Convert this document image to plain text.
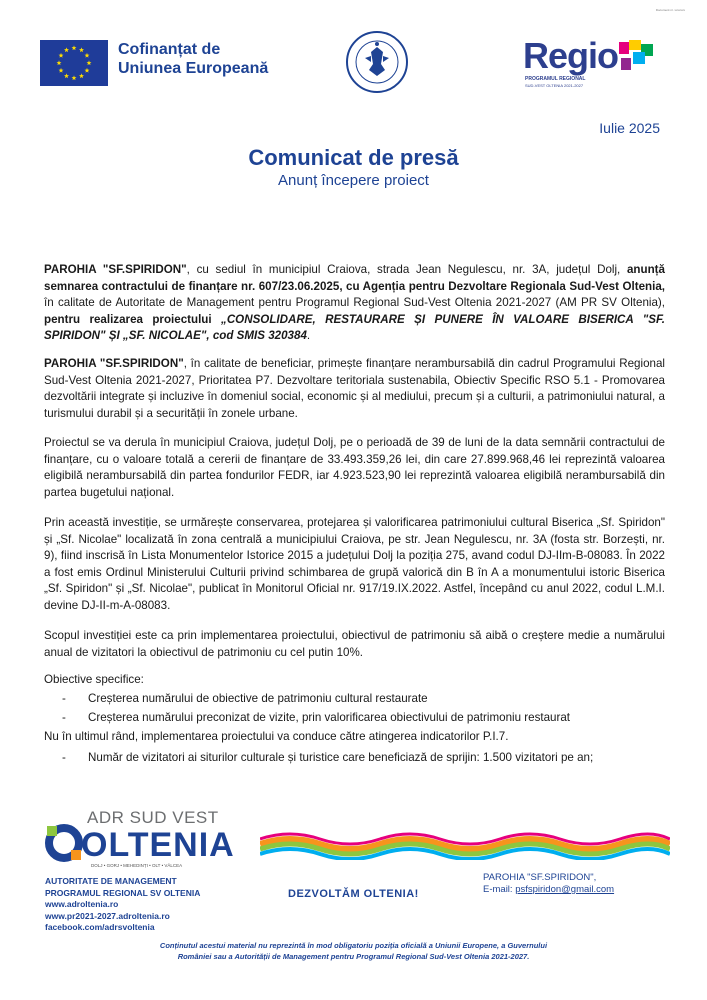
Document nr. xxxxxxx
Cofinanțat de
Uniunea Europeană	Regio
PROGRAMUL REGIONAL
SUD-VEST OLTENIA 2021-2027
Iulie 2025
Comunicat de presă
Anunț începere proiect

PAROHIA "SF.SPIRIDON", cu sediul în municipiul Craiova, strada Jean Negulescu, nr. 3A, județul Dolj, anunță semnarea contractului de finanțare nr. 607/23.06.2025, cu Agenția pentru Dezvoltare Regionala Sud-Vest Oltenia, în calitate de Autoritate de Management pentru Programul Regional Sud-Vest Oltenia 2021-2027 (AM PR SV Oltenia), pentru realizarea proiectului „CONSOLIDARE, RESTAURARE ȘI PUNERE ÎN VALOARE BISERICA "SF. SPIRIDON" ȘI „SF. NICOLAE", cod SMIS 320384.

PAROHIA "SF.SPIRIDON", în calitate de beneficiar, primește finanțare nerambursabilă din cadrul Programului Regional Sud-Vest Oltenia 2021-2027, Prioritatea P7. Dezvoltare teritoriala sustenabila, Obiectiv Specific RSO 5.1 - Promovarea dezvoltării integrate și incluzive în domeniul social, economic și al mediului, precum și a culturii, a patrimoniului natural, a turismului durabil și a securității în zonele urbane.

Proiectul se va derula în municipiul Craiova, județul Dolj, pe o perioadă de 39 de luni de la data semnării contractului de finanțare, cu o valoare totală a cererii de finanțare de 33.493.359,26 lei, din care 27.899.968,46 lei reprezintă valoarea eligibilă nerambursabilă din partea fondurilor FEDR, iar 4.923.523,90 lei reprezintă valoarea eligibilă nerambursabilă din partea bugetului național.

Prin această investiție, se urmărește conservarea, protejarea și valorificarea patrimoniului cultural Biserica „Sf. Spiridon" și „Sf. Nicolae" localizată în zona centrală a municipiului Craiova, pe str. Jean Negulescu, nr. 3A (fosta str. Borzești, nr. 9), fiind inscrisă în Lista Monumentelor Istorice 2015 a județului Dolj la poziția 275, avand codul DJ-IIm-B-08083. În 2022 a fost emis Ordinul Ministerului Culturii privind schimbarea de grupă valorică din B în A a monumentului istoric Biserica „Sf. Spiridon" și „Sf. Nicolae", publicat în Monitorul Oficial nr. 917/19.IX.2022. Astfel, începând cu anul 2022, codul L.M.I. devine DJ-II-m-A-08083.

Scopul investiției este ca prin implementarea proiectului, obiectivul de patrimoniu să aibă o creștere medie a numărului anual de vizitatori la obiectivul de patrimoniu cu cel putin 10%.

Obiective specifice:
- Creșterea numărului de obiective de patrimoniu cultural restaurate
- Creșterea numărului preconizat de vizite, prin valorificarea obiectivului de patrimoniu restaurat
Nu în ultimul rând, implementarea proiectului va conduce către atingerea indicatorilor P.I.7.
- Număr de vizitatori ai siturilor culturale și turistice care beneficiază de sprijin: 1.500 vizitatori pe an;
ADR SUD VEST
OLTENIA
DOLJ • GORJ • MEHEDINȚI • OLT • VÂLCEA
AUTORITATE DE MANAGEMENT
PROGRAMUL REGIONAL SV OLTENIA
www.adroltenia.ro
www.pr2021-2027.adroltenia.ro
facebook.com/adrsvoltenia
DEZVOLTĂM OLTENIA!
PAROHIA "SF.SPIRIDON",
E-mail: psfspiridon@gmail.com
Conținutul acestui material nu reprezintă în mod obligatoriu poziția oficială a Uniunii Europene, a Guvernului
României sau a Autorității de Management pentru Programul Regional Sud-Vest Oltenia 2021-2027.
